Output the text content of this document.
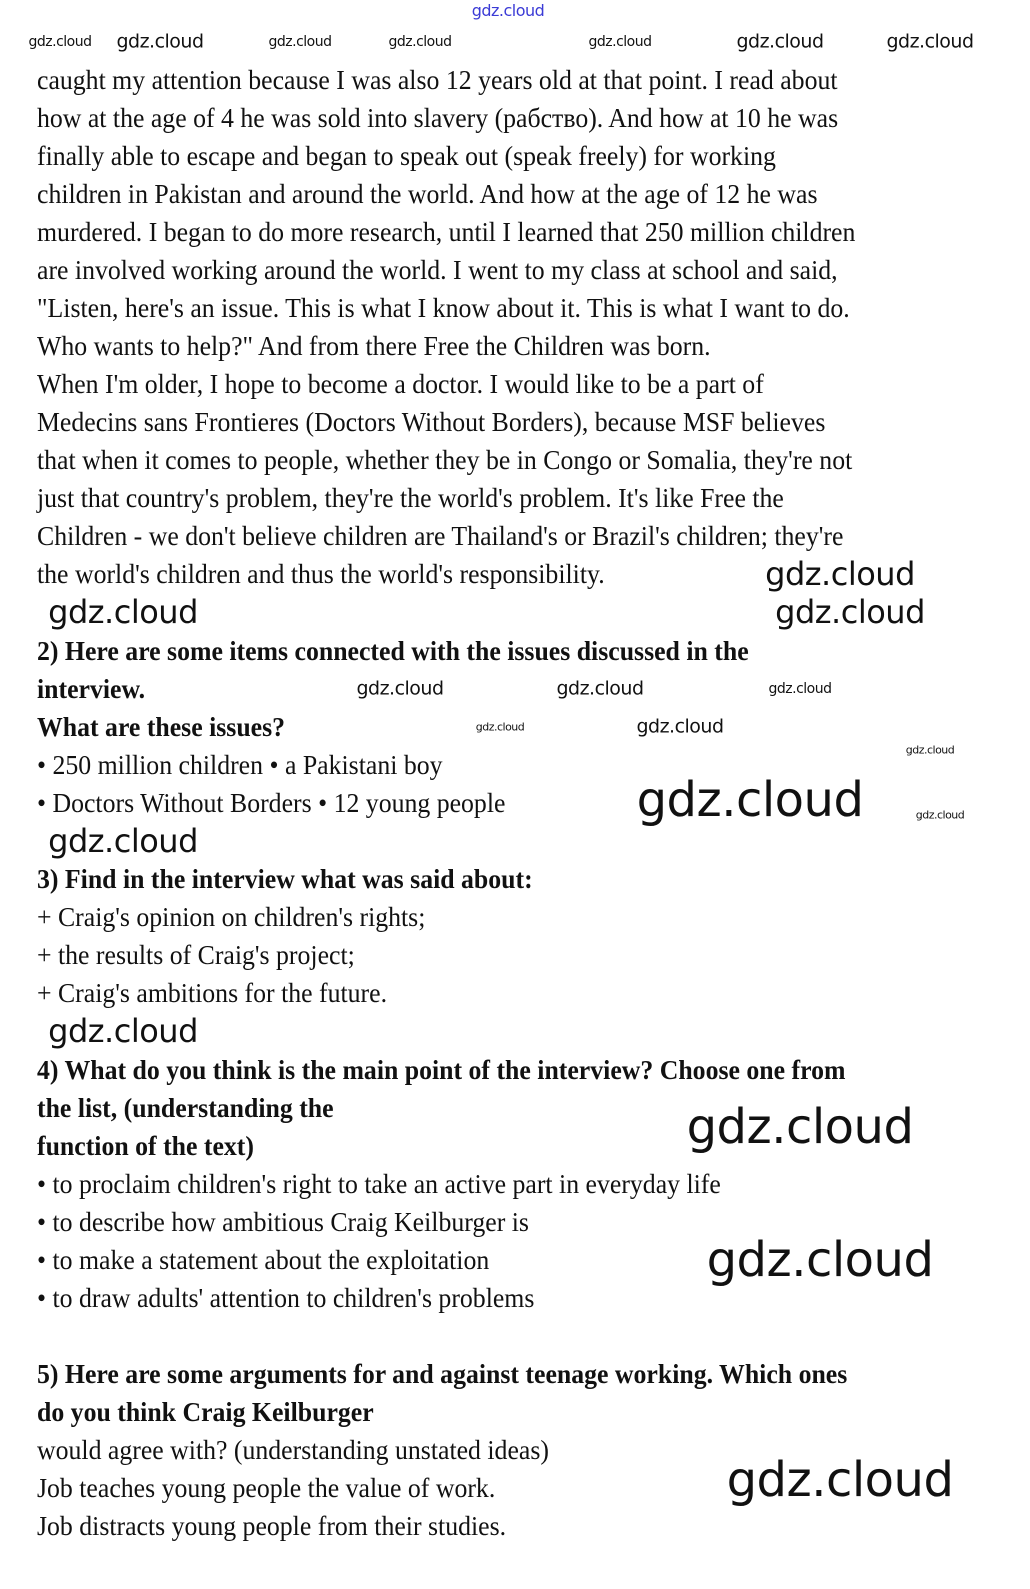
gdz.cloud
caught my attention because I was also 12 years old at that point. I read about
how at the age of 4 he was sold into slavery (рабство). And how at 10 he was
finally able to escape and began to speak out (speak freely) for working
children in Pakistan and around the world. And how at the age of 12 he was
murdered. I began to do more research, until I learned that 250 million children
are involved working around the world. I went to my class at school and said,
"Listen, here's an issue. This is what I know about it. This is what I want to do.
Who wants to help?" And from there Free the Children was born.
When I'm older, I hope to become a doctor. I would like to be a part of
Medecins sans Frontieres (Doctors Without Borders), because MSF believes
that when it comes to people, whether they be in Congo or Somalia, they're not
just that country's problem, they're the world's problem. It's like Free the
Children - we don't believe children are Thailand's or Brazil's children; they're
the world's children and thus the world's responsibility.
2) Here are some items connected with the issues discussed in the
interview.
What are these issues?
• 250 million children • a Pakistani boy
• Doctors Without Borders • 12 young people
3) Find in the interview what was said about:
+ Craig's opinion on children's rights;
+ the results of Craig's project;
+ Craig's ambitions for the future.
4) What do you think is the main point of the interview? Choose one from
the list, (understanding the
function of the text)
• to proclaim children's right to take an active part in everyday life
• to describe how ambitious Craig Keilburger is
• to make a statement about the exploitation
• to draw adults' attention to children's problems
5) Here are some arguments for and against teenage working. Which ones
do you think Craig Keilburger
would agree with? (understanding unstated ideas)
Job teaches young people the value of work.
Job distracts young people from their studies.
gdz.cloud gdz.cloud	gdz.cloud	gdz.cloud	gdz.cloud	gdz.cloud	gdz.cloud
gdz.cloud
gdz.cloud	gdz.cloud
gdz.cloud	gdz.cloud	gdz.cloud
gdz.cloud	gdz.cloud
gdz.cloud
gdz.cloud	gdz.cloud
gdz.cloud
gdz.cloud
gdz.cloud
gdz.cloud
gdz.cloud
